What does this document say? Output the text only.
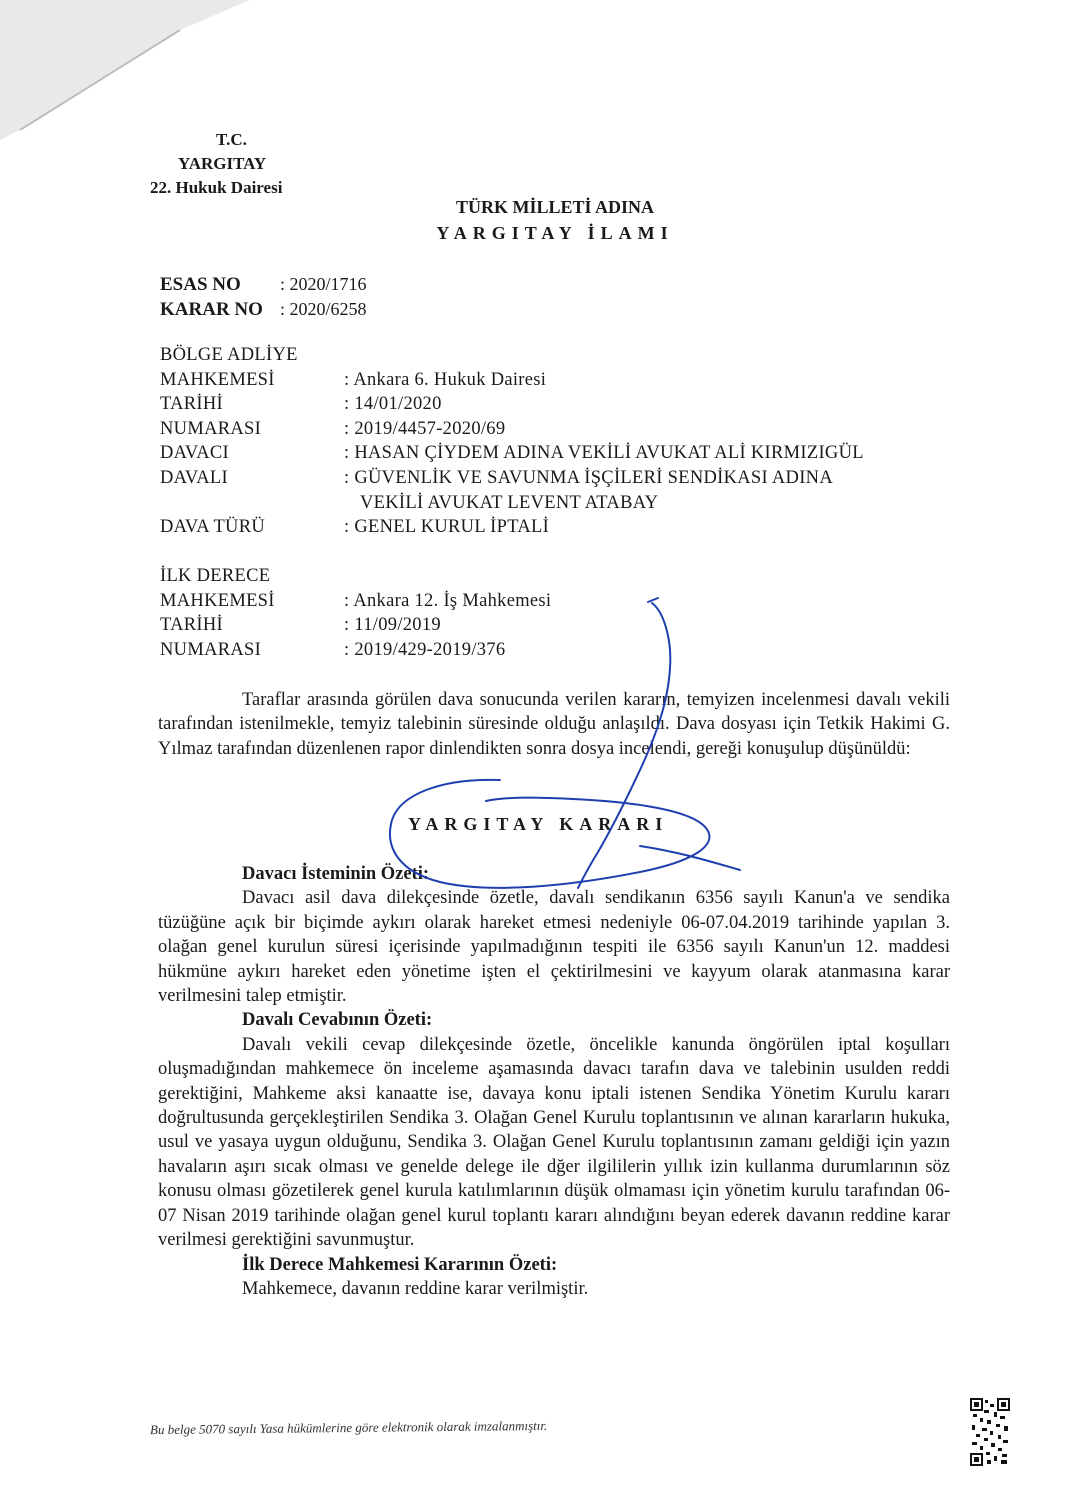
T.C.
YARGITAY
22. Hukuk Dairesi
TÜRK MİLLETİ ADINA
YARGITAY İLAMI
ESAS NO	: 2020/1716
KARAR NO : 2020/6258
BÖLGE ADLİYE
MAHKEMESİ	: Ankara 6. Hukuk Dairesi
TARİHİ	: 14/01/2020
NUMARASI	: 2019/4457-2020/69
DAVACI	: HASAN ÇİYDEM ADINA VEKİLİ AVUKAT ALİ KIRMIZIGÜL
DAVALI	: GÜVENLİK VE SAVUNMA İŞÇİLERİ SENDİKASI ADINA
VEKİLİ AVUKAT LEVENT ATABAY
DAVA TÜRÜ	: GENEL KURUL İPTALİ
İLK DERECE
MAHKEMESİ	: Ankara 12. İş Mahkemesi
TARİHİ	: 11/09/2019
NUMARASI	: 2019/429-2019/376

Taraflar arasında görülen dava sonucunda verilen kararın, temyizen incelenmesi davalı vekili tarafından istenilmekle, temyiz talebinin süresinde olduğu anlaşıldı. Dava dosyası için Tetkik Hakimi G. Yılmaz tarafından düzenlenen rapor dinlendikten sonra dosya incelendi, gereği konuşulup düşünüldü:

YARGITAY KARARI
Davacı İsteminin Özeti:

Davacı asil dava dilekçesinde özetle, davalı sendikanın 6356 sayılı Kanun'a ve sendika tüzüğüne açık bir biçimde aykırı olarak hareket etmesi nedeniyle 06-07.04.2019 tarihinde yapılan 3. olağan genel kurulun süresi içerisinde yapılmadığının tespiti ile 6356 sayılı Kanun'un 12. maddesi hükmüne aykırı hareket eden yönetime işten el çektirilmesini ve kayyum olarak atanmasına karar verilmesini talep etmiştir.

Davalı Cevabının Özeti:

Davalı vekili cevap dilekçesinde özetle, öncelikle kanunda öngörülen iptal koşulları oluşmadığından mahkemece ön inceleme aşamasında davacı tarafın dava ve talebinin usulden reddi gerektiğini, Mahkeme aksi kanaatte ise, davaya konu iptali istenen Sendika Yönetim Kurulu kararı doğrultusunda gerçekleştirilen Sendika 3. Olağan Genel Kurulu toplantısının ve alınan kararların hukuka, usul ve yasaya uygun olduğunu, Sendika 3. Olağan Genel Kurulu toplantısının zamanı geldiği için yazın havaların aşırı sıcak olması ve genelde delege ile dğer ilgililerin yıllık izin kullanma durumlarının söz konusu olması gözetilerek genel kurula katılımlarının düşük olmaması için yönetim kurulu tarafından 06-07 Nisan 2019 tarihinde olağan genel kurul toplantı kararı alındığını beyan ederek davanın reddine karar verilmesi gerektiğini savunmuştur.

İlk Derece Mahkemesi Kararının Özeti:

Mahkemece, davanın reddine karar verilmiştir.

Bu belge 5070 sayılı Yasa hükümlerine göre elektronik olarak imzalanmıştır.
